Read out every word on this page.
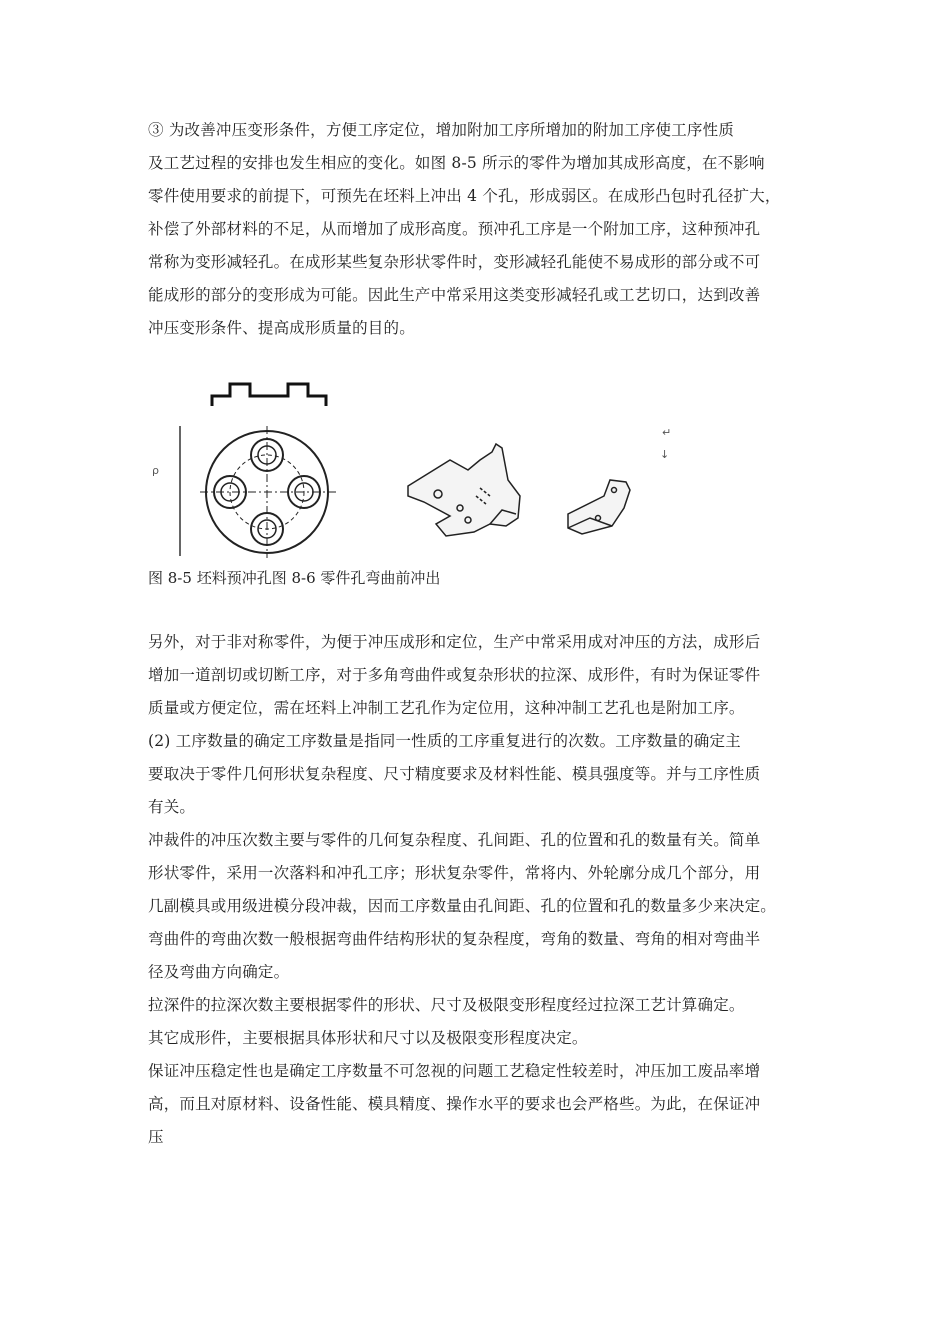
③ 为改善冲压变形条件，方便工序定位，增加附加工序所增加的附加工序使工序性质
及工艺过程的安排也发生相应的变化。如图 8-5 所示的零件为增加其成形高度，在不影响
零件使用要求的前提下，可预先在坯料上冲出 4 个孔，形成弱区。在成形凸包时孔径扩大，
补偿了外部材料的不足，从而增加了成形高度。预冲孔工序是一个附加工序，这种预冲孔
常称为变形减轻孔。在成形某些复杂形状零件时，变形减轻孔能使不易成形的部分或不可
能成形的部分的变形成为可能。因此生产中常采用这类变形减轻孔或工艺切口，达到改善
冲压变形条件、提高成形质量的目的。
ρ
↵
↓
图 8-5 坯料预冲孔图 8-6 零件孔弯曲前冲出
另外，对于非对称零件，为便于冲压成形和定位，生产中常采用成对冲压的方法，成形后
增加一道剖切或切断工序，对于多角弯曲件或复杂形状的拉深、成形件，有时为保证零件
质量或方便定位，需在坯料上冲制工艺孔作为定位用，这种冲制工艺孔也是附加工序。
(2) 工序数量的确定工序数量是指同一性质的工序重复进行的次数。工序数量的确定主
要取决于零件几何形状复杂程度、尺寸精度要求及材料性能、模具强度等。并与工序性质
有关。
冲裁件的冲压次数主要与零件的几何复杂程度、孔间距、孔的位置和孔的数量有关。简单
形状零件，采用一次落料和冲孔工序；形状复杂零件，常将内、外轮廓分成几个部分，用
几副模具或用级进模分段冲裁，因而工序数量由孔间距、孔的位置和孔的数量多少来决定。
弯曲件的弯曲次数一般根据弯曲件结构形状的复杂程度，弯角的数量、弯角的相对弯曲半
径及弯曲方向确定。
拉深件的拉深次数主要根据零件的形状、尺寸及极限变形程度经过拉深工艺计算确定。
其它成形件，主要根据具体形状和尺寸以及极限变形程度决定。
保证冲压稳定性也是确定工序数量不可忽视的问题工艺稳定性较差时，冲压加工废品率增
高，而且对原材料、设备性能、模具精度、操作水平的要求也会严格些。为此，在保证冲
压
